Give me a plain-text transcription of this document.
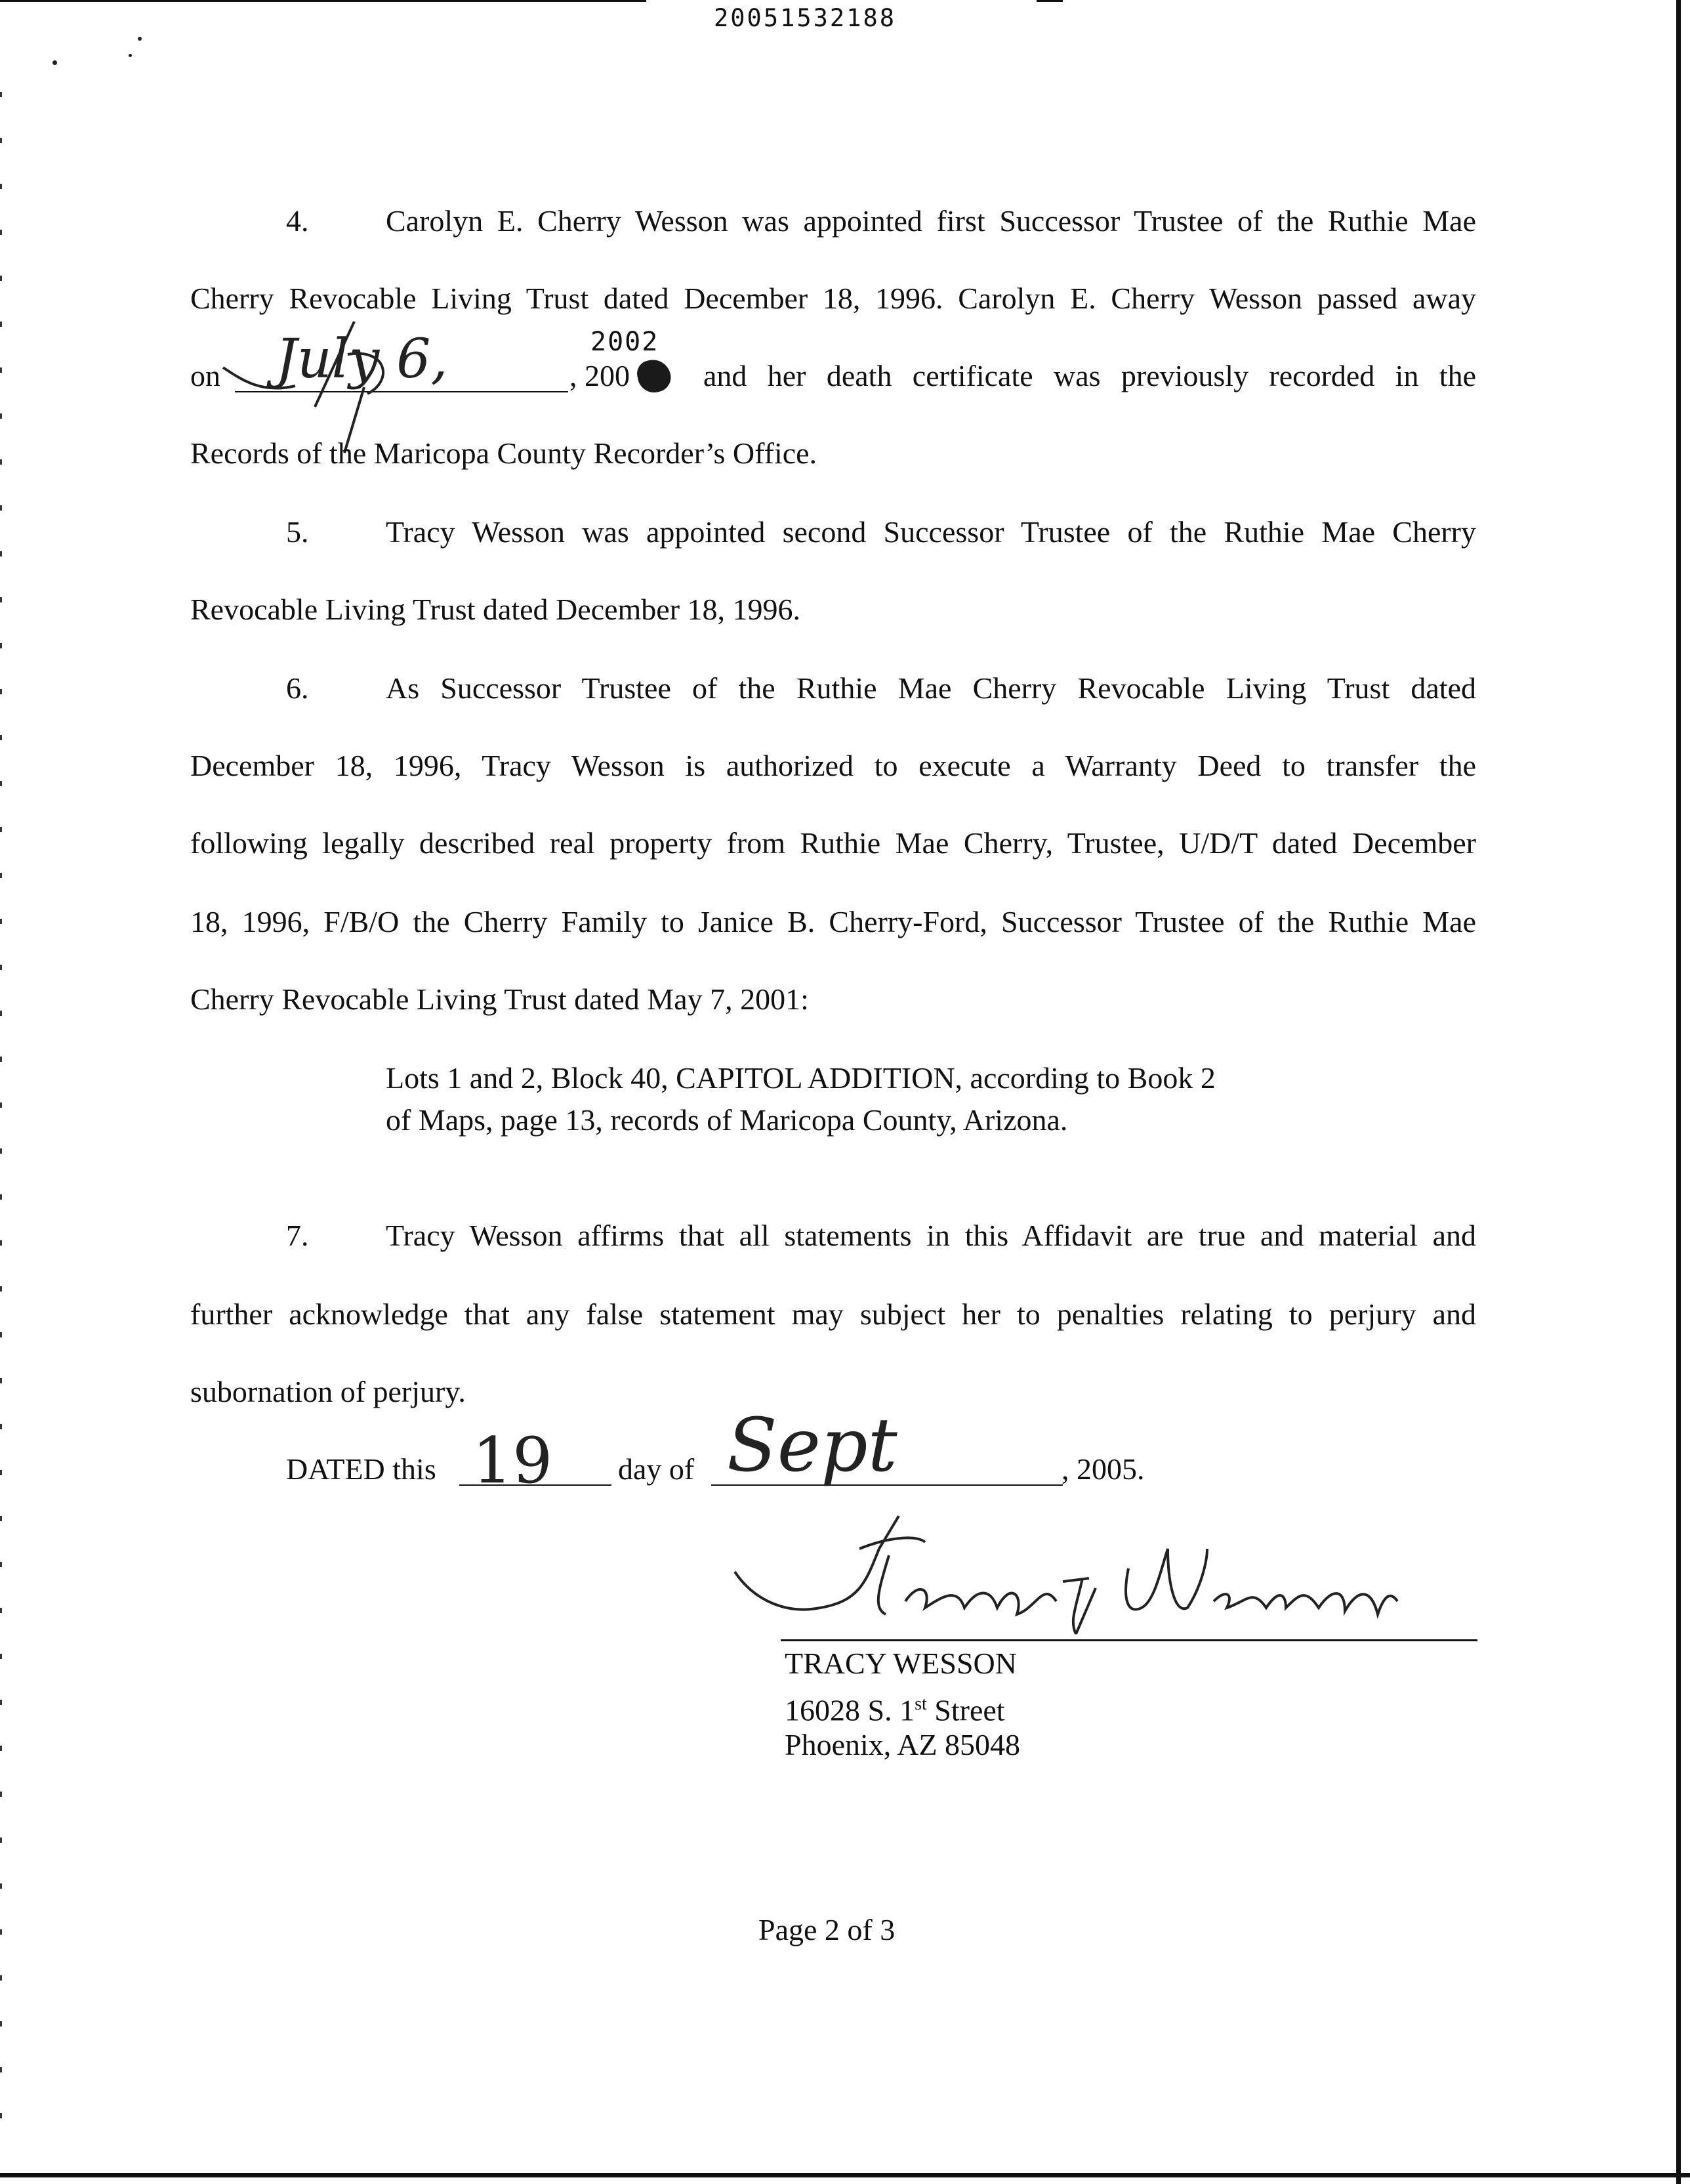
20051532188
4.	Carolyn E. Cherry Wesson was appointed first Successor Trustee of the Ruthie Mae
Cherry Revocable Living Trust dated December 18, 1996. Carolyn E. Cherry Wesson passed away
on July 6,	, 200
2002
and her death certificate was previously recorded in the
Records of the Maricopa County Recorder’s Office.
5.	Tracy Wesson was appointed second Successor Trustee of the Ruthie Mae Cherry
Revocable Living Trust dated December 18, 1996.
6.	As Successor Trustee of the Ruthie Mae Cherry Revocable Living Trust dated
December 18, 1996, Tracy Wesson is authorized to execute a Warranty Deed to transfer the
following legally described real property from Ruthie Mae Cherry, Trustee, U/D/T dated December
18, 1996, F/B/O the Cherry Family to Janice B. Cherry-Ford, Successor Trustee of the Ruthie Mae
Cherry Revocable Living Trust dated May 7, 2001:
Lots 1 and 2, Block 40, CAPITOL ADDITION, according to Book 2
of Maps, page 13, records of Maricopa County, Arizona.
7.	Tracy Wesson affirms that all statements in this Affidavit are true and material and
further acknowledge that any false statement may subject her to penalties relating to perjury and
subornation of perjury.
DATED this 19 day of Sept	, 2005.
TRACY WESSON
16028 S. 1st Street
Phoenix, AZ 85048
Page 2 of 3
